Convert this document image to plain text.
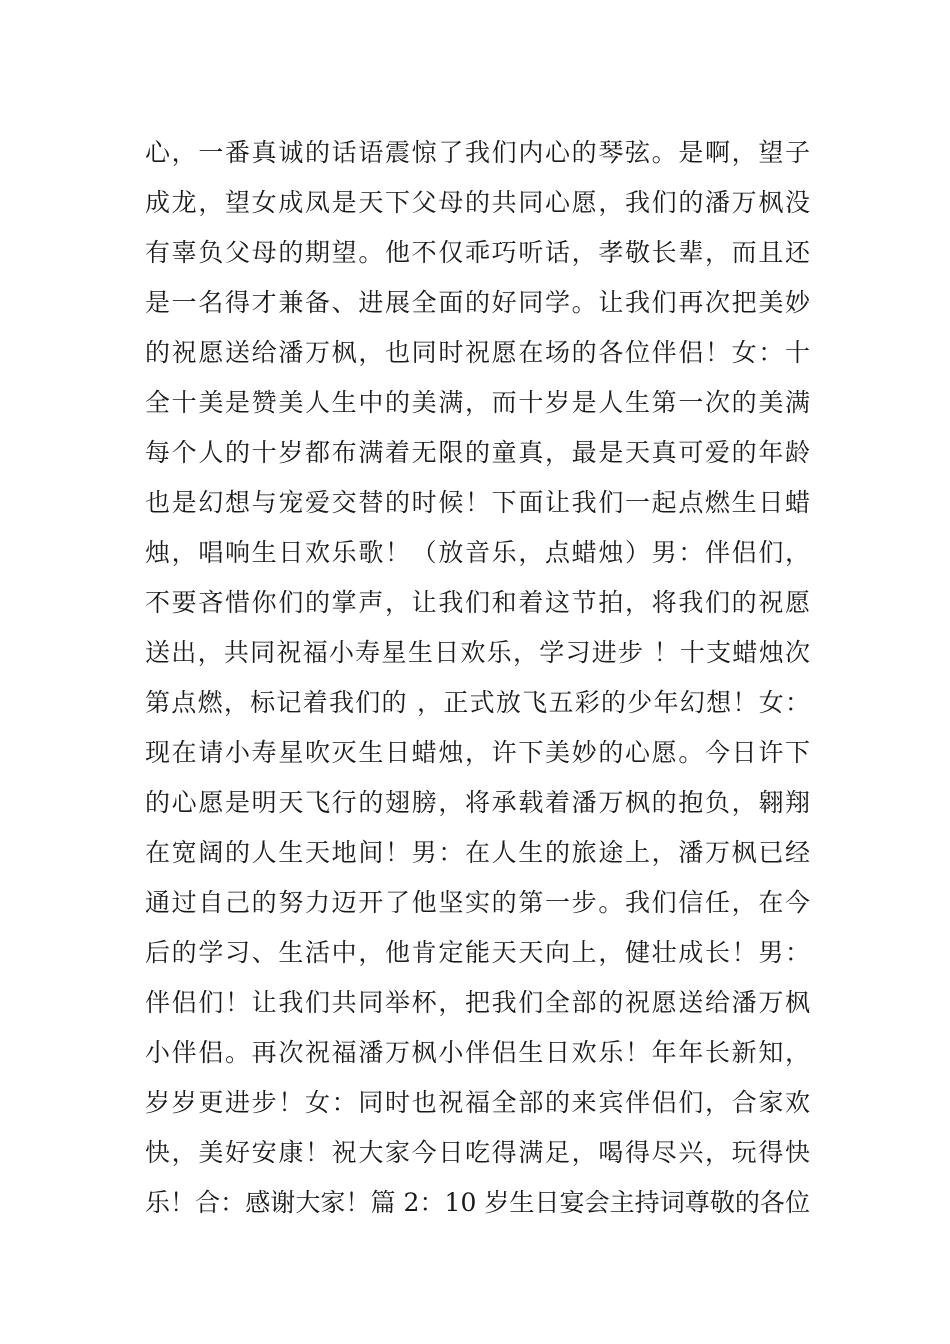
心，一番真诚的话语震惊了我们内心的琴弦。是啊，望子
成龙，望女成凤是天下父母的共同心愿，我们的潘万枫没
有辜负父母的期望。他不仅乖巧听话，孝敬长辈，而且还
是一名得才兼备、进展全面的好同学。让我们再次把美妙
的祝愿送给潘万枫，也同时祝愿在场的各位伴侣！女：十
全十美是赞美人生中的美满，而十岁是人生第一次的美满
每个人的十岁都布满着无限的童真，最是天真可爱的年龄
也是幻想与宠爱交替的时候！下面让我们一起点燃生日蜡
烛，唱响生日欢乐歌！（放音乐，点蜡烛）男：伴侣们，
不要吝惜你们的掌声，让我们和着这节拍，将我们的祝愿
送出，共同祝福小寿星生日欢乐，学习进步 ！十支蜡烛次
第点燃，标记着我们的 ，正式放飞五彩的少年幻想！女：
现在请小寿星吹灭生日蜡烛，许下美妙的心愿。今日许下
的心愿是明天飞行的翅膀，将承载着潘万枫的抱负，翱翔
在宽阔的人生天地间！男：在人生的旅途上，潘万枫已经
通过自己的努力迈开了他坚实的第一步。我们信任，在今
后的学习、生活中，他肯定能天天向上，健壮成长！男：
伴侣们！让我们共同举杯，把我们全部的祝愿送给潘万枫
小伴侣。再次祝福潘万枫小伴侣生日欢乐！年年长新知，
岁岁更进步！女：同时也祝福全部的来宾伴侣们，合家欢
快，美好安康！祝大家今日吃得满足，喝得尽兴，玩得快
乐！合：感谢大家！篇 2：10 岁生日宴会主持词尊敬的各位
